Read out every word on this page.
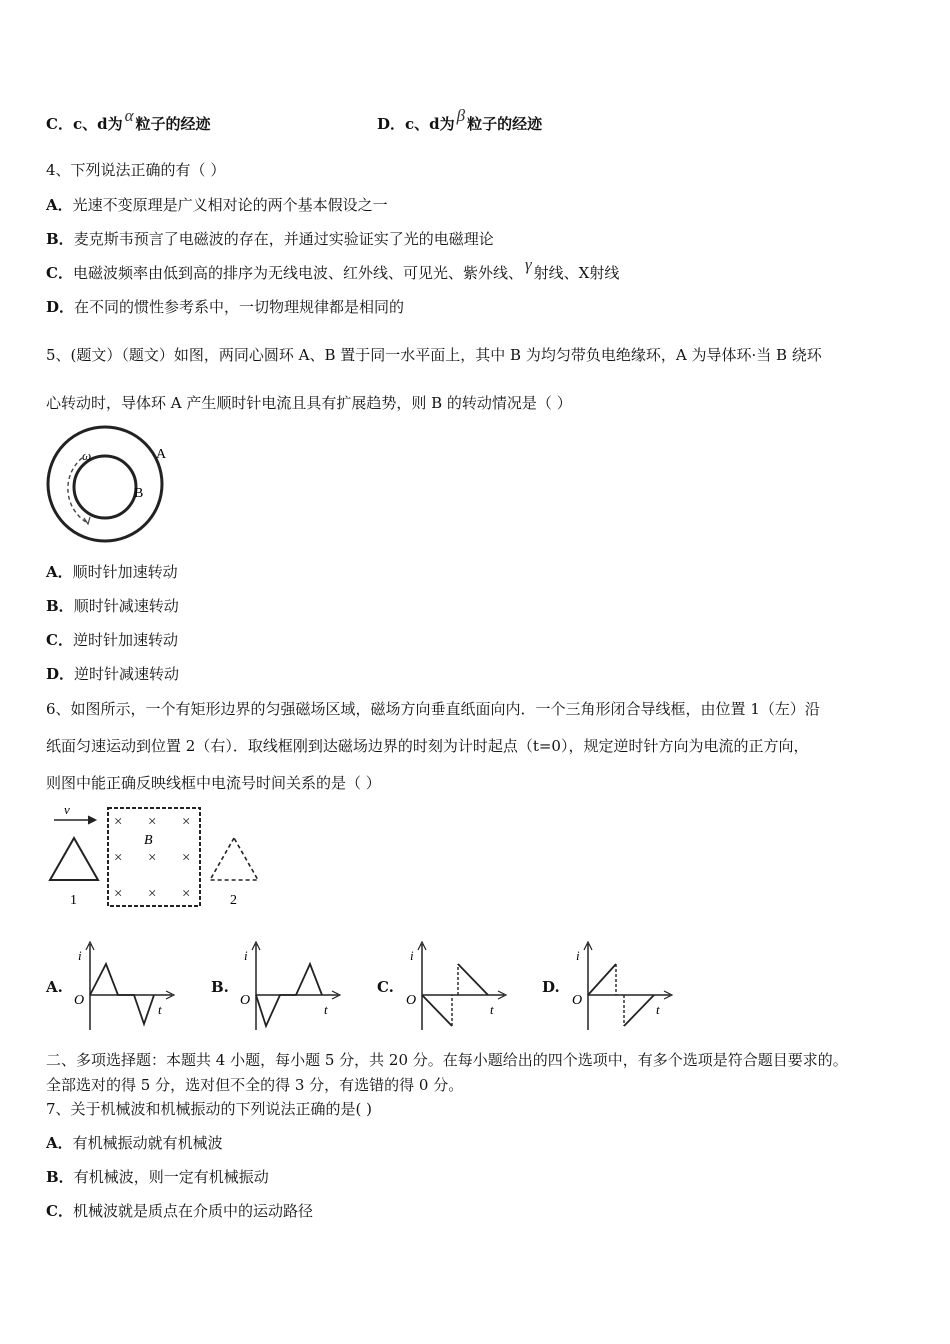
C．c、d为 α 粒子的经迹	D．c、d为 β 粒子的经迹
4、下列说法正确的有（ ）
A．光速不变原理是广义相对论的两个基本假设之一
B．麦克斯韦预言了电磁波的存在，并通过实验证实了光的电磁理论
C．电磁波频率由低到高的排序为无线电波、红外线、可见光、紫外线、 γ 射线、X射线
D．在不同的惯性参考系中，一切物理规律都是相同的
5、(题文）（题文）如图，两同心圆环 A、B 置于同一水平面上，其中 B 为均匀带负电绝缘环，A 为导体环·当 B 绕环
心转动时，导体环 A 产生顺时针电流且具有扩展趋势，则 B 的转动情况是（ ）
ω	A
B
A．顺时针加速转动
B．顺时针减速转动
C．逆时针加速转动
D．逆时针减速转动
6、如图所示，一个有矩形边界的匀强磁场区域，磁场方向垂直纸面向内．一个三角形闭合导线框，由位置 1（左）沿
纸面匀速运动到位置 2（右）．取线框刚到达磁场边界的时刻为计时起点（t=0），规定逆时针方向为电流的正方向，
则图中能正确反映线框中电流号时间关系的是（ ）
v
1
× × ×
× × ×
× × ×
B
2
A.
i
t
O
B.
i
t
O
C.
i
t
O
D.
i
t
O
二、多项选择题：本题共 4 小题，每小题 5 分，共 20 分。在每小题给出的四个选项中，有多个选项是符合题目要求的。
全部选对的得 5 分，选对但不全的得 3 分，有选错的得 0 分。
7、关于机械波和机械振动的下列说法正确的是( )
A．有机械振动就有机械波
B．有机械波，则一定有机械振动
C．机械波就是质点在介质中的运动路径
